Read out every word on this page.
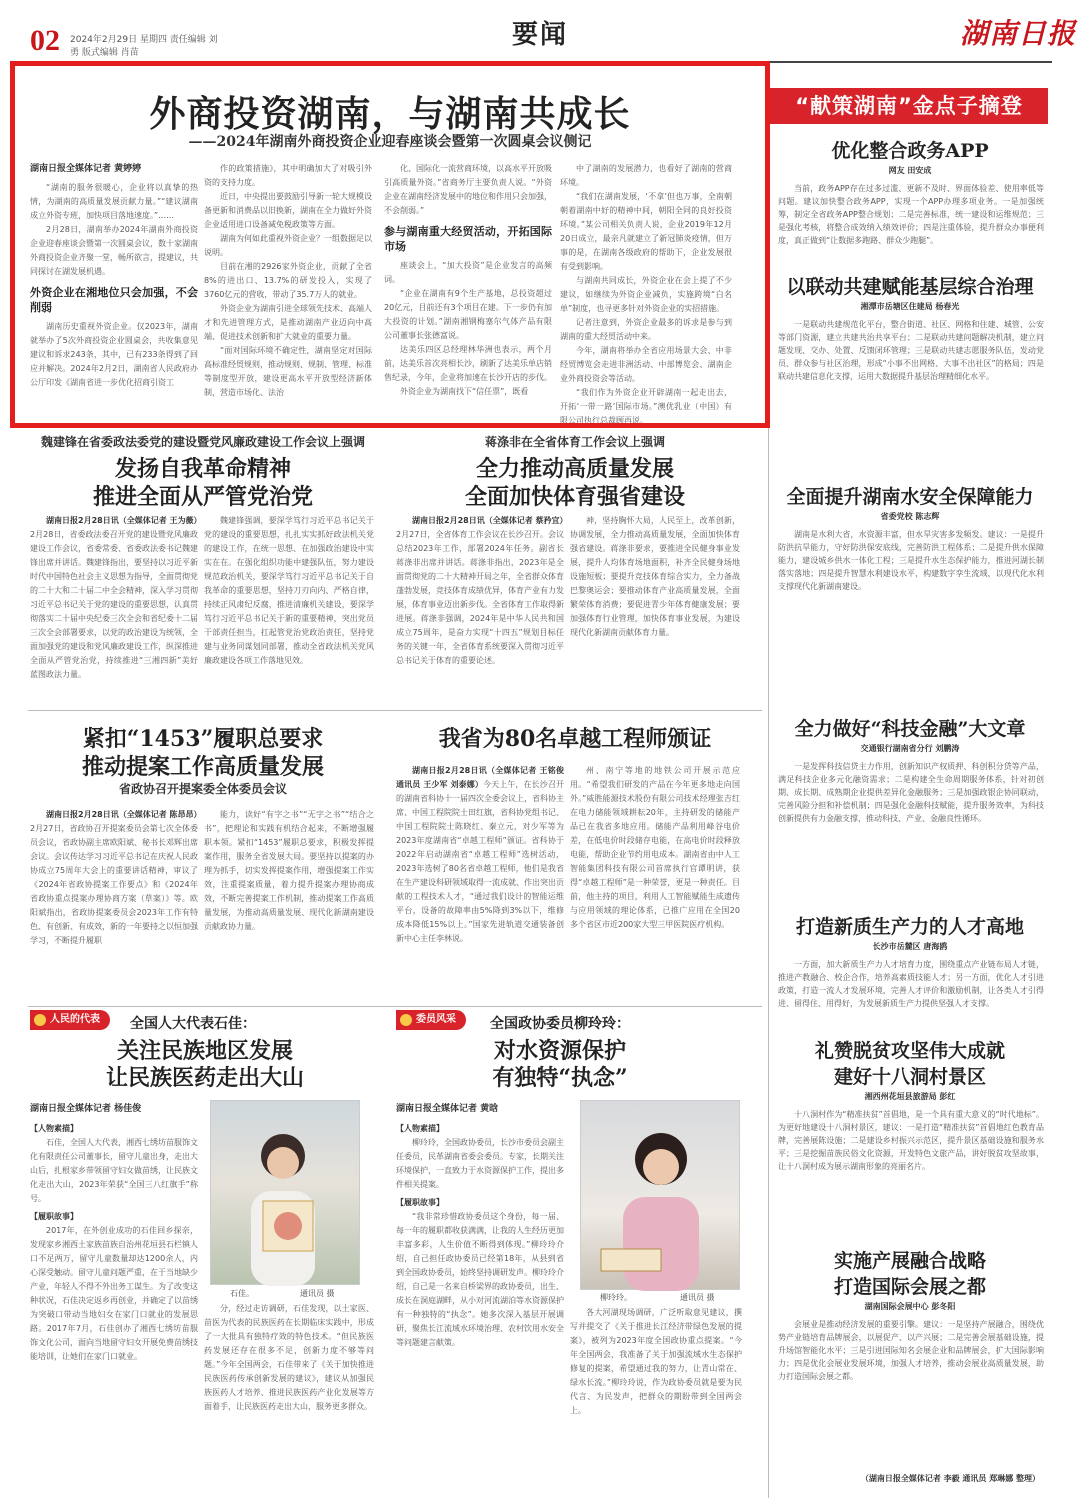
02 2024年2月29日 星期四 责任编辑 刘勇 版式编辑 肖苗
要闻	湖南日报
外商投资湖南，与湖南共成长
——2024年湖南外商投资企业迎春座谈会暨第一次圆桌会议侧记
湖南日报全媒体记者 黄婷婷

“湖南的服务很暖心，企业将以真挚的热情，为湖南的高质量发展贡献力量。”“建议湖南成立外资专班，加快项目落地速度。”……

2月28日，湖南举办2024年湖南外商投资企业迎春座谈会暨第一次圆桌会议，数十家湖南外商投资企业齐聚一堂，畅所欲言，提建议，共同探讨在湖发展机遇。

外资企业在湘地位只会加强，不会削弱

湖南历史重视外资企业。仅2023年，湖南就举办了5次外商投资企业圆桌会，共收集意见建议和诉求243条，其中，已有233条得到了回应并解决。2024年2月2日，湖南省人民政府办公厅印发《湖南省进一步优化招商引资工

作的政策措施》，其中明确加大了对吸引外资的支持力度。

近日，中央提出要鼓励引导新一轮大规模设备更新和消费品以旧换新，湖南在全力做好外资企业适用进口设备减免税政策等方面。

湖南为何如此重视外资企业？一组数据足以说明。

目前在湘的2926家外资企业，贡献了全省8%的进出口、13.7%的研发投入，实现了3760亿元的营收，带动了35.7万人的就业。

外资企业为湖南引进全球领先技术、高端人才和先进管理方式，是推动湖南产业迈向中高端、促进技术创新和扩大就业的重要力量。

“面对国际环境不确定性，湖南坚定对国际高标准经贸规则，推动规则、规制、管理、标准等制度型开放，建设更高水平开放型经济新体制，营造市场化、法治

化、国际化一流营商环境，以高水平开放吸引高质量外资。”省商务厅主要负责人说。“外资企业在湖南经济发展中的地位和作用只会加强，不会削弱。”

参与湖南重大经贸活动，开拓国际市场

座谈会上，“加大投资”是企业发言的高频词。

“企业在湖南有9个生产基地，总投资超过20亿元，目前还有3个项目在建。下一步仍有加大投资的计划。”湖南湘钢梅塞尔气体产品有限公司董事长张德富说。

达美乐四区总经理林华洲也表示，两个月前，达美乐首次亮相长沙，刷新了达美乐单店销售纪录，今年，企业将加速在长沙开店的步伐。

外资企业为湖南找下“信任票”，既看

中了湖南的发展潜力，也看好了湖南的营商环境。

“我们在湖南发展，‘不拿’但也万事，全南朝朝着湖南中好的精神中间，朝阳全同的良好投资环境。”某公司相关负责人说，企业2019年12月20日成立，最亲凡就建立了新冠肺炎疫情，但万事的是，在湖南各级政府的帮助下，企业发展很有受到影响。

与湖南共同成长，外资企业在会上提了不少建议，如继续为外资企业减负，实施跨境“白名单”制度，也寻更多针对外资企业的实招措施。

记者注意到，外资企业最多的诉求是参与到湖南的重大经贸活动中来。

今年，湖南将举办全省应用场景大会、中非经贸博览会走进非洲活动、中部博览会、湖南企业外商投资会等活动。

“我们作为外资企业开辟湖南一起走出去，开拓‘一带一路’国际市场。”澳优乳业（中国）有限公司执行总裁顾再说。

魏建锋在省委政法委党的建设暨党风廉政建设工作会议上强调
发扬自我革命精神
推进全面从严管党治党
湖南日报2月28日讯（全媒体记者 王为薇）2月28日，省委政法委召开党的建设暨党风廉政建设工作会议，省委常委、省委政法委书记魏建锋出席并讲话。魏建锋指出，要坚持以习近平新时代中国特色社会主义思想为指导，全面贯彻党的二十大和二十届二中全会精神，深入学习贯彻习近平总书记关于党的建设的重要思想，认真贯彻落实二十届中央纪委三次全会和省纪委十二届三次全会部署要求，以党的政治建设为统领，全面加强党的建设和党风廉政建设工作，纵深推进全面从严管党治党，持续推进“三湘四新”美好蓝图政法力量。
魏建锋强调，要深学笃行习近平总书记关于党的建设的重要思想，扎扎实实抓好政法机关党的建设工作，在统一思想、在加强政治建设中实实在在。在强化组织功能中建强队伍，努力建设规范政治机关，要深学笃行习近平总书记关于自我革命的重要思想，坚持刀刃向内、严格自律，持续正风肃纪反腐，推进清廉机关建设，要深学笃行习近平总书记关于新的重要精神，突出党员干部责任担当，扛起管党治党政治责任，坚持党建与业务同谋划同部署，推动全省政法机关党风廉政建设各项工作落地见效。
蒋涤非在全省体育工作会议上强调
全力推动高质量发展
全面加快体育强省建设
湖南日报2月28日讯（全媒体记者 蔡矜宜）2月27日，全省体育工作会议在长沙召开。会议总结2023年工作，部署2024年任务。副省长蒋涤非出席并讲话。蒋涤非指出，2023年是全面贯彻党的二十大精神开局之年，全省群众体育蓬勃发展，竞技体育成绩优异，体育产业有力发展，体育事业迈出新步伐。全省体育工作取得新进展。蒋涤非强调，2024年是中华人民共和国成立75周年，是奋力实现“十四五”规划目标任务的关键一年，全省体育系统要深入贯彻习近平总书记关于体育的重要论述。
神，坚持胸怀大局，人民至上，改革创新，协调发展，全力推动高质量发展，全面加快体育强省建设。蒋涤非要求，要推进全民健身事业发展，提升人均体育场地面积，补齐全民健身场地设施短板；要提升竞技体育综合实力，全力备战巴黎奥运会；要推动体育产业高质量发展，全面繁荣体育消费；要促进青少年体育健康发展；要加强体育行业管理，加快体育事业发展，为建设现代化新湖南贡献体育力量。
紧扣“1453”履职总要求
推动提案工作高质量发展
省政协召开提案委全体委员会议
湖南日报2月28日讯（全媒体记者 陈昂昂）2月27日，省政协召开提案委员会第七次全体委员会议，省政协副主席欧阳斌、秘书长邓辉出席会议。会议传达学习习近平总书记在庆祝人民政协成立75周年大会上的重要讲话精神，审议了《2024年省政协提案工作要点》和《2024年省政协重点提案办理协商方案（草案）》等。欧阳斌指出，省政协提案委员会2023年工作有特色、有创新、有成效，新的一年要持之以恒加强学习，不断提升履职
能力，读好“有字之书”“无字之书”“结合之书”，把理论和实践有机结合起来，不断增强履职本领。紧扣“1453”履职总要求，积极发挥提案作用，服务全省发展大局。要坚持以提案的办理为抓手，切实发挥提案作用，增强提案工作实效，注重提案质量，着力提升提案办理协商成效，不断完善提案工作机制，推动提案工作高质量发展，为推动高质量发展、现代化新湖南建设贡献政协力量。
我省为80名卓越工程师颁证
湖南日报2月28日讯（全媒体记者 王铭俊 通讯员 王少军 刘泰娜）今天上午，在长沙召开的湖南省科协十一届四次全委会议上，省科协主席、中国工程院院士田红旗，省科协党组书记、中国工程院院士陈晓红、秦立元，对少军等为2023年度湖南省“卓越工程师”颁证。省科协于2022年启动湖南省“卓越工程师”选树活动，2023年选树了80名省卓越工程师，他们是我省在生产建设科研领域取得一流成就、作出突出贡献的工程技术人才，“通过我们设计的智能运维平台，设备的故障率由5%降到3%以下，维修成本降低15%以上。”国家先进轨道交通装备创新中心主任李林说。
州、南宁等地的地铁公司开展示范应用。“希望我们研发的产品在今年更多地走向国外。”威胜能源技术股份有限公司技术经理张吉红在电力储能领域耕耘20年，主持研发的储能产品已在我省多地应用。储能产品利用峰谷电价差，在低电价时段储存电能，在高电价时段释放电能，帮助企业节约用电成本。湖南省由中人工智能集团科技有限公司首席执行官谭明讲，获得“卓越工程师”是一种荣誉，更是一种责任。目前，他主持的项目，利用人工智能赋能生成遗传与应用领域的理论体系，已推广应用在全国20多个省区市近200家大型三甲医院医疗机构。
人民的代表	全国人大代表石佳：
关注民族地区发展
让民族医药走出大山
湖南日报全媒体记者 杨佳俊

【人物素描】

石佳，全国人大代表，湘西七绣坊苗服饰文化有限责任公司董事长，留守儿童出身，走出大山后，扎根家乡带领留守妇女做苗绣，让民族文化走出大山，2023年荣获“全国三八红旗手”称号。

【履职故事】

2017年，在外创业成功的石佳回乡探亲，发现家乡湘西土家族苗族自治州花垣县石栏镇人口不足两万，留守儿童数量却达1200余人，内心深受触动。留守儿童问题严重，在于当地缺少产业，年轻人不得不外出务工谋生。为了改变这种状况，石佳决定返乡再创业，并确定了以苗绣为突破口带动当地妇女在家门口就业的发展思路。2017年7月，石佳创办了湘西七绣坊苗服饰文化公司，面向当地留守妇女开展免费苗绣技能培训，让她们在家门口就业。

石佳。	通讯员 摄
分，经过走访调研，石佳发现，以土家医、苗医为代表的民族医药在长期临床实践中，形成了一大批具有独特疗效的特色技术。“但民族医药发展还存在很多不足，创新力度不够等问题。”今年全国两会，石佳带来了《关于加快推进民族医药传承创新发展的建议》，建议从加强民族医药人才培养、推进民族医药产业化发展等方面着手，让民族医药走出大山，服务更多群众。
委员风采	全国政协委员柳玲玲：
对水资源保护
有独特“执念”
湖南日报全媒体记者 黄晗

【人物素描】

柳玲玲，全国政协委员，长沙市委员会副主任委员，民革湖南省委会委员。专家，长期关注环境保护，一直致力于水资源保护工作，提出多件相关提案。

【履职故事】

“我非常珍惜政协委员这个身份，每一届、每一年的履职都收获满满，让我的人生经历更加丰富多彩，人生价值不断得到体现。”柳玲玲介绍，自己担任政协委员已经第18年，从县到省到全国政协委员，始终坚持调研发声。柳玲玲介绍，自己是一名来自桥梁界的政协委员，出生、成长在洞庭湖畔，从小对河流湖泊等水资源保护有一种独特的“执念”。她多次深入基层开展调研，聚焦长江流域水环境治理、农村饮用水安全等问题建言献策。

柳玲玲。	通讯员 摄
各大河湖现场调研，广泛听取意见建议，撰写并提交了《关于推进长江经济带绿色发展的提案》，被列为2023年度全国政协重点提案。“今年全国两会，我准备了关于加强流域水生态保护修复的提案，希望通过我的努力，让青山常在、绿水长流。”柳玲玲说，作为政协委员就是要为民代言、为民发声，把群众的期盼带到全国两会上。
“献策湖南”金点子摘登
优化整合政务APP
网友 田安成
当前，政务APP存在过多过滥、更新不及时、界面体验差、使用率低等问题。建议加快整合政务APP，实现一个APP办理多项业务。一是加强统筹，制定全省政务APP整合规划；二是完善标准，统一建设和运维规范；三是强化考核，将整合成效纳入绩效评价；四是注重体验，提升群众办事便利度，真正做到“让数据多跑路、群众少跑腿”。
以联动共建赋能基层综合治理
湘潭市岳塘区住建局 杨春光
一是联动共建规范化平台，整合街道、社区、网格和住建、城管、公安等部门资源，建立共建共治共享平台；二是联动共建问题解决机制，建立问题发现、交办、处置、反馈闭环管理；三是联动共建志愿服务队伍，发动党员、群众参与社区治理，形成“小事不出网格、大事不出社区”的格局；四是联动共建信息化支撑，运用大数据提升基层治理精细化水平。
全面提升湖南水安全保障能力
省委党校 陈志辉
湖南是水利大省，水资源丰富，但水旱灾害多发频发。建议：一是提升防洪抗旱能力，守好防洪保安底线，完善防洪工程体系；二是提升供水保障能力，建设城乡供水一体化工程；三是提升水生态保护能力，推进河湖长制落实落地；四是提升智慧水利建设水平，构建数字孪生流域，以现代化水利支撑现代化新湖南建设。
全力做好“科技金融”大文章
交通银行湖南省分行 刘鹏涛
一是发挥科技信贷主力作用，创新知识产权质押、科创积分贷等产品，满足科技企业多元化融资需求；二是构建全生命周期服务体系，针对初创期、成长期、成熟期企业提供差异化金融服务；三是加强政银企协同联动，完善风险分担和补偿机制；四是强化金融科技赋能，提升服务效率，为科技创新提供有力金融支撑，推动科技、产业、金融良性循环。
打造新质生产力的人才高地
长沙市岳麓区 唐海鸥
一方面，加大新质生产力人才培育力度，围绕重点产业链布局人才链，推进产教融合、校企合作，培养高素质技能人才；另一方面，优化人才引进政策，打造一流人才发展环境，完善人才评价和激励机制，让各类人才引得进、留得住、用得好，为发展新质生产力提供坚强人才支撑。
礼赞脱贫攻坚伟大成就
建好十八洞村景区
湘西州花垣县旅游局 彭红
十八洞村作为“精准扶贫”首倡地，是一个具有重大意义的“时代地标”。为更好地建设十八洞村景区，建议：一是打造“精准扶贫”首倡地红色教育品牌，完善展陈设施；二是建设乡村振兴示范区，提升景区基础设施和服务水平；三是挖掘苗族民俗文化资源，开发特色文旅产品，讲好脱贫攻坚故事，让十八洞村成为展示湖南形象的亮丽名片。
实施产展融合战略
打造国际会展之都
湖南国际会展中心 彭冬阳
会展业是推动经济发展的重要引擎。建议：一是坚持产展融合，围绕优势产业链培育品牌展会，以展促产、以产兴展；二是完善会展基础设施，提升场馆智能化水平；三是引进国际知名会展企业和品牌展会，扩大国际影响力；四是优化会展业发展环境，加强人才培养，推动会展业高质量发展，助力打造国际会展之都。
（湖南日报全媒体记者 李毅 通讯员 郑琳娜 整理）
